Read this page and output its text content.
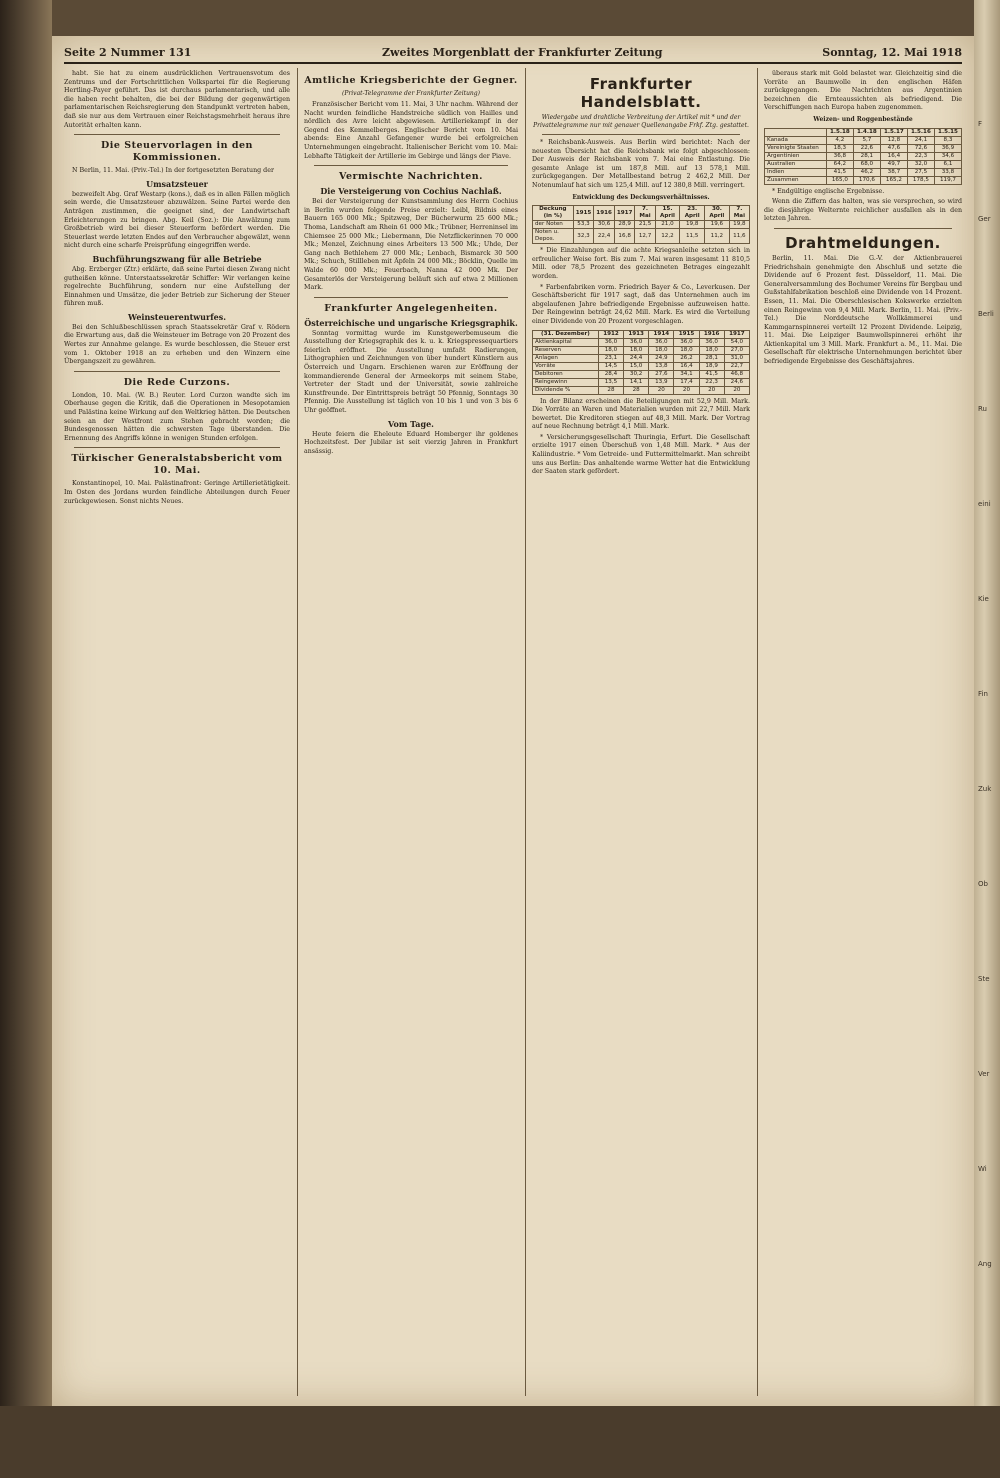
Seite 2 Nummer 131	Zweites Morgenblatt der Frankfurter Zeitung	Sonntag, 12. Mai 1918

habt. Sie hat zu einem ausdrücklichen Vertrauensvotum des Zentrums und der Fortschrittlichen Volkspartei für die Regierung Hertling-Payer geführt. Das ist durchaus parlamentarisch, und alle die haben recht behalten, die bei der Bildung der gegenwärtigen parlamentarischen Reichsregierung den Standpunkt vertreten haben, daß sie nur aus dem Vertrauen einer Reichstagsmehrheit heraus ihre Autorität erhalten kann.

Die Steuervorlagen in den Kommissionen.

N Berlin, 11. Mai. (Priv.-Tel.) In der fortgesetzten Beratung der

Umsatzsteuer

bezweifelt Abg. Graf Westarp (kons.), daß es in allen Fällen möglich sein werde, die Umsatzsteuer abzuwälzen. Seine Partei werde den Anträgen zustimmen, die geeignet sind, der Landwirtschaft Erleichterungen zu bringen. Abg. Keil (Soz.): Die Anwälzung zum Großbetrieb wird bei dieser Steuerform befördert werden. Die Steuerlast werde letzten Endes auf den Verbraucher abgewälzt, wenn nicht durch eine scharfe Preisprüfung eingegriffen werde.

Buchführungszwang für alle Betriebe

Abg. Erzberger (Ztr.) erklärte, daß seine Partei diesen Zwang nicht gutheißen könne. Unterstaatssekretär Schiffer: Wir verlangen keine regelrechte Buchführung, sondern nur eine Aufstellung der Einnahmen und Umsätze, die jeder Betrieb zur Sicherung der Steuer führen muß.

Weinsteuerentwurfes.

Bei den Schlußbeschlüssen sprach Staatssekretär Graf v. Rödern die Erwartung aus, daß die Weinsteuer im Betrage von 20 Prozent des Wertes zur Annahme gelange. Es wurde beschlossen, die Steuer erst vom 1. Oktober 1918 an zu erheben und den Winzern eine Übergangszeit zu gewähren.

Die Rede Curzons.

London, 10. Mai. (W. B.) Reuter. Lord Curzon wandte sich im Oberhause gegen die Kritik, daß die Operationen in Mesopotamien und Palästina keine Wirkung auf den Weltkrieg hätten. Die Deutschen seien an der Westfront zum Stehen gebracht worden; die Bundesgenossen hätten die schwersten Tage überstanden. Die Ernennung des Angriffs könne in wenigen Stunden erfolgen.

Türkischer Generalstabsbericht vom 10. Mai.

Konstantinopel, 10. Mai. Palästinafront: Geringe Artillerietätigkeit. Im Osten des Jordans wurden feindliche Abteilungen durch Feuer zurückgewiesen. Sonst nichts Neues.

Amtliche Kriegsberichte der Gegner.
(Privat-Telegramme der Frankfurter Zeitung)

Französischer Bericht vom 11. Mai, 3 Uhr nachm. Während der Nacht wurden feindliche Handstreiche südlich von Hailles und nördlich des Avre leicht abgewiesen. Artilleriekampf in der Gegend des Kemmelberges. Englischer Bericht vom 10. Mai abends: Eine Anzahl Gefangener wurde bei erfolgreichen Unternehmungen eingebracht. Italienischer Bericht vom 10. Mai: Lebhafte Tätigkeit der Artillerie im Gebirge und längs der Piave.

Vermischte Nachrichten.
Die Versteigerung von Cochius Nachlaß.

Bei der Versteigerung der Kunstsammlung des Herrn Cochius in Berlin wurden folgende Preise erzielt: Leibl, Bildnis eines Bauern 165 000 Mk.; Spitzweg, Der Bücherwurm 25 600 Mk.; Thoma, Landschaft am Rhein 61 000 Mk.; Trübner, Herreninsel im Chiemsee 25 000 Mk.; Liebermann, Die Netzflickerinnen 70 000 Mk.; Menzel, Zeichnung eines Arbeiters 13 500 Mk.; Uhde, Der Gang nach Bethlehem 27 000 Mk.; Lenbach, Bismarck 30 500 Mk.; Schuch, Stillleben mit Äpfeln 24 000 Mk.; Böcklin, Quelle im Walde 60 000 Mk.; Feuerbach, Nanna 42 000 Mk. Der Gesamterlös der Versteigerung beläuft sich auf etwa 2 Millionen Mark.

Frankfurter Angelegenheiten.
Österreichische und ungarische Kriegsgraphik.

Sonntag vormittag wurde im Kunstgewerbemuseum die Ausstellung der Kriegsgraphik des k. u. k. Kriegspressequartiers feierlich eröffnet. Die Ausstellung umfaßt Radierungen, Lithographien und Zeichnungen von über hundert Künstlern aus Österreich und Ungarn. Erschienen waren zur Eröffnung der kommandierende General der Armeekorps mit seinem Stabe, Vertreter der Stadt und der Universität, sowie zahlreiche Kunstfreunde. Der Eintrittspreis beträgt 50 Pfennig, Sonntags 30 Pfennig. Die Ausstellung ist täglich von 10 bis 1 und von 3 bis 6 Uhr geöffnet.

Vom Tage.

Heute feiern die Eheleute Eduard Homberger ihr goldenes Hochzeitsfest. Der Jubilar ist seit vierzig Jahren in Frankfurt ansässig.

Frankfurter Handelsblatt.
Wiedergabe und drahtliche Verbreitung der Artikel mit * und der Privattelegramme nur mit genauer Quellenangabe Frkf. Ztg. gestattet.

* Reichsbank-Ausweis. Aus Berlin wird berichtet: Nach der neuesten Übersicht hat die Reichsbank wie folgt abgeschlossen: Der Ausweis der Reichsbank vom 7. Mai eine Entlastung. Die gesamte Anlage ist um 187,8 Mill. auf 13 578,1 Mill. zurückgegangen. Der Metallbestand betrug 2 462,2 Mill. Der Notenumlauf hat sich um 125,4 Mill. auf 12 380,8 Mill. verringert.

Entwicklung des Deckungsverhältnisses.
Deckung (in %)	1915	1916	1917	7. Mai	15. April	23. April	30. April	7. Mai
der Noten	53,3	30,6	28,9	21,5	21,0	19,8	19,6	19,8
Noten u. Depos.	32,3	22,4	16,8	12,7	12,2	11,5	11,2	11,6

* Die Einzahlungen auf die achte Kriegsanleihe setzten sich in erfreulicher Weise fort. Bis zum 7. Mai waren insgesamt 11 810,5 Mill. oder 78,5 Prozent des gezeichneten Betrages eingezahlt worden.

* Farbenfabriken vorm. Friedrich Bayer & Co., Leverkusen. Der Geschäftsbericht für 1917 sagt, daß das Unternehmen auch im abgelaufenen Jahre befriedigende Ergebnisse aufzuweisen hatte. Der Reingewinn beträgt 24,62 Mill. Mark. Es wird die Verteilung einer Dividende von 20 Prozent vorgeschlagen.

(31. Dezember)	1912	1913	1914	1915	1916	1917
Aktienkapital	36,0	36,0	36,0	36,0	36,0	54,0
Reserven	18,0	18,0	18,0	18,0	18,0	27,0
Anlagen	23,1	24,4	24,9	26,2	28,1	31,0
Vorräte	14,5	15,0	13,8	16,4	18,9	22,7
Debitoren	28,4	30,2	27,6	34,1	41,5	46,8
Reingewinn	13,5	14,1	13,9	17,4	22,3	24,6
Dividende %	28	28	20	20	20	20

In der Bilanz erscheinen die Beteiligungen mit 52,9 Mill. Mark. Die Vorräte an Waren und Materialien wurden mit 22,7 Mill. Mark bewertet. Die Kreditoren stiegen auf 48,3 Mill. Mark. Der Vortrag auf neue Rechnung beträgt 4,1 Mill. Mark.

* Versicherungsgesellschaft Thuringia, Erfurt. Die Gesellschaft erzielte 1917 einen Überschuß von 1,48 Mill. Mark. * Aus der Kaliindustrie. * Vom Getreide- und Futtermittelmarkt. Man schreibt uns aus Berlin: Das anhaltende warme Wetter hat die Entwicklung der Saaten stark gefördert.

überaus stark mit Gold belastet war. Gleichzeitig sind die Vorräte an Baumwolle in den englischen Häfen zurückgegangen. Die Nachrichten aus Argentinien bezeichnen die Ernteaussichten als befriedigend. Die Verschiffungen nach Europa haben zugenommen.

Weizen- und Roggenbestände
	1.5.18	1.4.18	1.5.17	1.5.16	1.5.15
Kanada	4,2	5,7	12,8	24,1	8,3
Vereinigte Staaten	18,3	22,6	47,6	72,6	36,9
Argentinien	36,8	28,1	16,4	22,3	34,6
Australien	64,2	68,0	49,7	32,0	6,1
Indien	41,5	46,2	38,7	27,5	33,8
Zusammen	165,0	170,6	165,2	178,5	119,7

* Endgültige englische Ergebnisse.

Wenn die Ziffern das halten, was sie versprechen, so wird die diesjährige Welternte reichlicher ausfallen als in den letzten Jahren.

Drahtmeldungen.

Berlin, 11. Mai. Die G.-V. der Aktienbrauerei Friedrichshain genehmigte den Abschluß und setzte die Dividende auf 6 Prozent fest. Düsseldorf, 11. Mai. Die Generalversammlung des Bochumer Vereins für Bergbau und Gußstahlfabrikation beschloß eine Dividende von 14 Prozent. Essen, 11. Mai. Die Oberschlesischen Kokswerke erzielten einen Reingewinn von 9,4 Mill. Mark. Berlin, 11. Mai. (Priv.-Tel.) Die Norddeutsche Wollkämmerei und Kammgarnspinnerei verteilt 12 Prozent Dividende. Leipzig, 11. Mai. Die Leipziger Baumwollspinnerei erhöht ihr Aktienkapital um 3 Mill. Mark. Frankfurt a. M., 11. Mai. Die Gesellschaft für elektrische Unternehmungen berichtet über befriedigende Ergebnisse des Geschäftsjahres.

F
Ger
Berli
Ru
eini
Kie
Fin
Zuk
Ob
Ste
Ver
Wi
Ang
